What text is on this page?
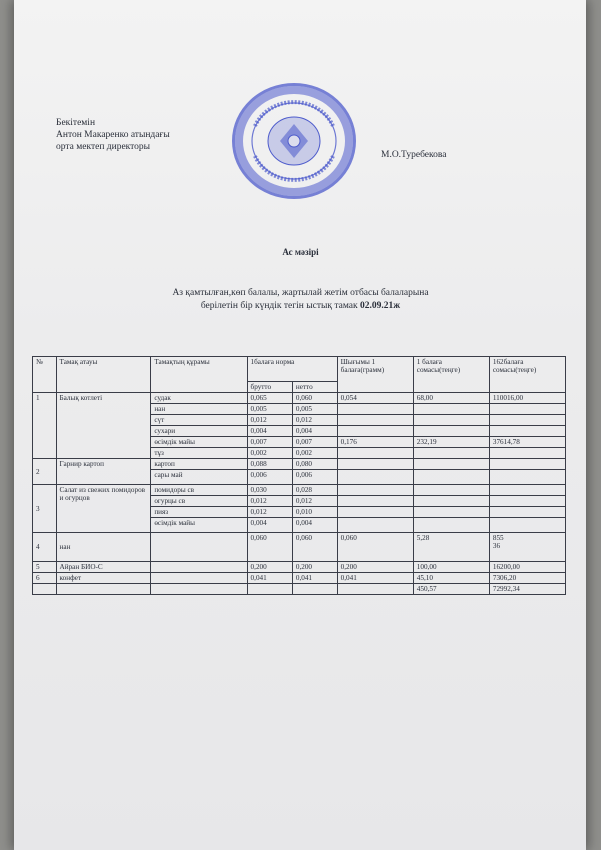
Бекітемін
Антон Макаренко атындағы
орта мектеп директоры
М.О.Туребекова
Ас мәзірі
Аз қамтылған,көп балалы, жартылай жетім отбасы балаларына
берілетін бір күндік тегін ыстық тамак 02.09.21ж
№	Тамақ атауы	Тамақтың құрамы	1балаға норма		Шығымы 1 балаға(грамм)	1 балаға сомасы(теңге)	162балаға сомасы(теңге)
			брутто	нетто			
1	Балық котлеті	судак	0,065	0,060	0,054	68,00	110016,00
		нан	0,005	0,005			
		сүт	0,012	0,012			
		сухари	0,004	0,004			
		өсімдік майы	0,007	0,007	0,176	232,19	37614,78
		тұз	0,002	0,002			
2	Гарнир картоп	картоп	0,088	0,080			
		сары май	0,006	0,006			
3	Салат из свежих помидоров и огурцов	помидоры св	0,030	0,028			
		огурцы св	0,012	0,012			
		пияз	0,012	0,010			
		өсімдік майы	0,004	0,004			
4	нан		0,060	0,060	0,060	5,28	855
36

5	Айран БИО-С		0,200	0,200	0,200	100,00	16200,00
6	конфет		0,041	0,041	0,041	45,10	7306,20
						450,57	72992,34
